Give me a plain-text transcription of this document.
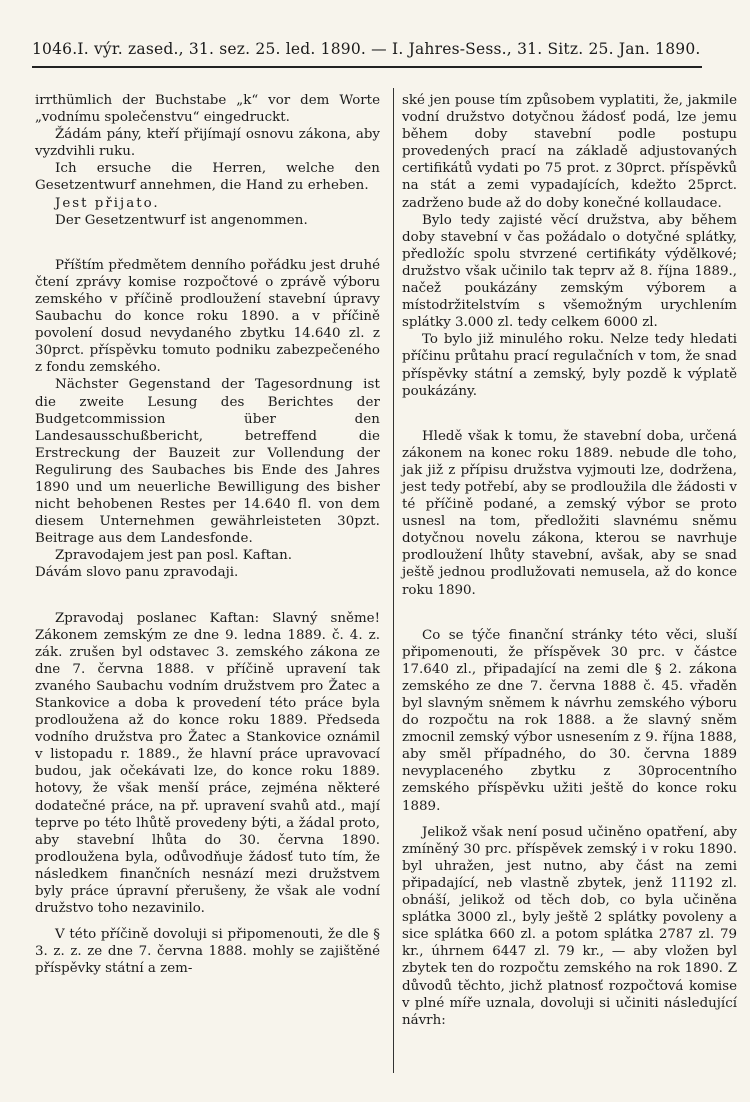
1046.I. výr. zased., 31. sez. 25. led. 1890. — I. Jahres-Sess., 31. Sitz. 25. Jan. 1890.

irrthümlich der Buchstabe „k“ vor dem Worte „vodnímu společenstvu“ eingedruckt.

Žádám pány, kteří přijímají osnovu zákona, aby vyzdvihli ruku.

Ich ersuche die Herren, welche den Gesetzentwurf annehmen, die Hand zu erheben.

Jest přijato.

Der Gesetzentwurf ist angenommen.

Příštím předmětem denního pořádku jest druhé čtení zprávy komise rozpočtové o zprávě výboru zemského v příčině prodloužení stavební úpravy Saubachu do konce roku 1890. a v příčině povolení dosud nevydaného zbytku 14.640 zl. z 30prct. příspěvku tomuto podniku zabezpečeného z fondu zemského.

Nächster Gegenstand der Tagesordnung ist die zweite Lesung des Berichtes der Budgetcommission über den Landesausschußbericht, betreffend die Erstreckung der Bauzeit zur Vollendung der Regulirung des Saubaches bis Ende des Jahres 1890 und um neuerliche Bewilligung des bisher nicht behobenen Restes per 14.640 fl. von dem diesem Unternehmen gewährleisteten 30pzt. Beitrage aus dem Landesfonde.

Zpravodajem jest pan posl. Kaftan.

Dávám slovo panu zpravodaji.

Zpravodaj poslanec Kaftan: Slavný sněme! Zákonem zemským ze dne 9. ledna 1889. č. 4. z. zák. zrušen byl odstavec 3. zemského zákona ze dne 7. června 1888. v příčině upravení tak zvaného Saubachu vodním družstvem pro Žatec a Stankovice a doba k provedení této práce byla prodloužena až do konce roku 1889. Předseda vodního družstva pro Žatec a Stankovice oznámil v listopadu r. 1889., že hlavní práce upravovací budou, jak očekávati lze, do konce roku 1889. hotovy, že však menší práce, zejména některé dodatečné práce, na př. upravení svahů atd., mají teprve po této lhůtě provedeny býti, a žádal proto, aby stavební lhůta do 30. června 1890. prodloužena byla, odůvodňuje žádosť tuto tím, že následkem finančních nesnází mezi družstvem byly práce úpravní přerušeny, že však ale vodní družstvo toho nezavinilo.

V této příčině dovoluji si připomenouti, že dle § 3. z. z. ze dne 7. června 1888. mohly se zajištěné příspěvky státní a zem-

ské jen pouse tím způsobem vyplatiti, že, jakmile vodní družstvo dotyčnou žádosť podá, lze jemu během doby stavební podle postupu provedených prací na základě adjustovaných certifikátů vydati po 75 prot. z 30prct. příspěvků na stát a zemi vypadajících, kdežto 25prct. zadrženo bude až do doby konečné kollaudace.

Bylo tedy zajisté věcí družstva, aby během doby stavební v čas požádalo o dotyčné splátky, předložíc spolu stvrzené certifikáty výdělkové; družstvo však učinilo tak teprv až 8. října 1889., načež poukázány zemským výborem a místodržitelstvím s všemožným urychlením splátky 3.000 zl. tedy celkem 6000 zl.

To bylo již minulého roku. Nelze tedy hledati příčinu průtahu prací regulačních v tom, že snad příspěvky státní a zemský, byly pozdě k výplatě poukázány.

Hledě však k tomu, že stavební doba, určená zákonem na konec roku 1889. nebude dle toho, jak již z přípisu družstva vyjmouti lze, dodržena, jest tedy potřebí, aby se prodloužila dle žádosti v té příčině podané, a zemský výbor se proto usnesl na tom, předložiti slavnému sněmu dotyčnou novelu zákona, kterou se navrhuje prodloužení lhůty stavební, avšak, aby se snad ještě jednou prodlužovati nemusela, až do konce roku 1890.

Co se týče finanční stránky této věci, sluší připomenouti, že příspěvek 30 prc. v částce 17.640 zl., připadající na zemi dle § 2. zákona zemského ze dne 7. června 1888 č. 45. vřaděn byl slavným sněmem k návrhu zemského výboru do rozpočtu na rok 1888. a že slavný sněm zmocnil zemský výbor usnesením z 9. října 1888, aby směl případného, do 30. června 1889 nevyplaceného zbytku z 30procentního zemského příspěvku užiti ještě do konce roku 1889.

Jelikož však není posud učiněno opatření, aby zmíněný 30 prc. příspěvek zemský i v roku 1890. byl uhražen, jest nutno, aby část na zemi připadající, neb vlastně zbytek, jenž 11192 zl. obnáší, jelikož od těch dob, co byla učiněna splátka 3000 zl., byly ještě 2 splátky povoleny a sice splátka 660 zl. a potom splátka 2787 zl. 79 kr., úhrnem 6447 zl. 79 kr., — aby vložen byl zbytek ten do rozpočtu zemského na rok 1890. Z důvodů těchto, jichž platnosť rozpočtová komise v plné míře uznala, dovoluji si učiniti následující návrh:
